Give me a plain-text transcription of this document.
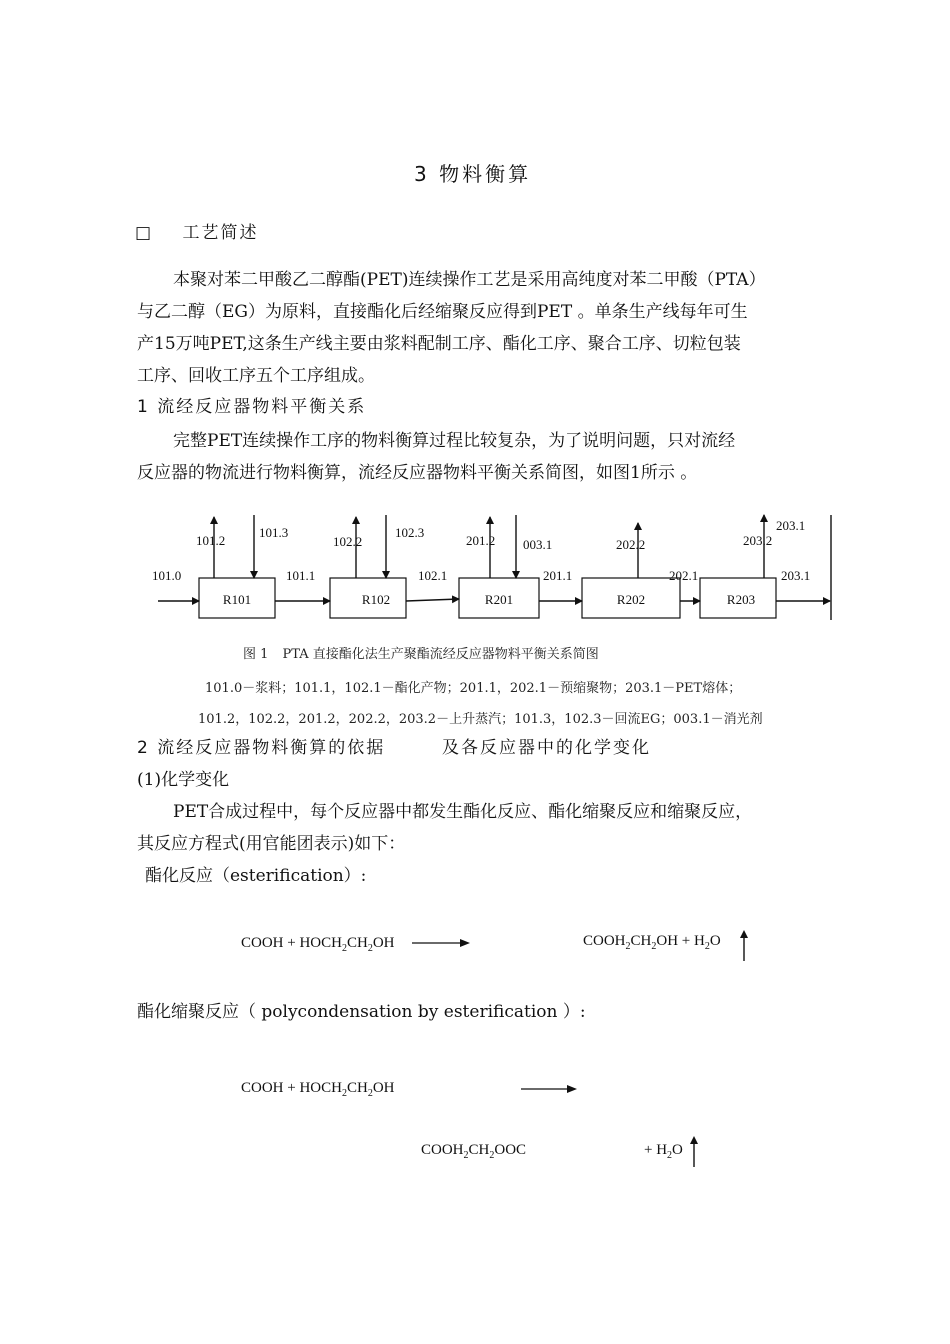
3 物料衡算
□ 工艺简述
本聚对苯二甲酸乙二醇酯(PET)连续操作工艺是采用高纯度对苯二甲酸（PTA）
与乙二醇（EG）为原料，直接酯化后经缩聚反应得到PET 。单条生产线每年可生
产15万吨PET,这条生产线主要由浆料配制工序、酯化工序、聚合工序、切粒包装
工序、回收工序五个工序组成。
1 流经反应器物料平衡关系
完整PET连续操作工序的物料衡算过程比较复杂，为了说明问题，只对流经
反应器的物流进行物料衡算，流经反应器物料平衡关系简图，如图1所示 。
R101	R102	R201	R202	R203
101.0	101.1	102.1	201.1	202.1	203.1
101.2	102.2	201.2	202.2	203.2
101.3	102.3
003.1
203.1
图 1 PTA 直接酯化法生产聚酯流经反应器物料平衡关系简图
101.0－浆料；101.1，102.1－酯化产物；201.1，202.1－预缩聚物；203.1－PET熔体；
101.2，102.2，201.2，202.2，203.2－上升蒸汽；101.3，102.3－回流EG；003.1－消光剂
2 流经反应器物料衡算的依据	及各反应器中的化学变化
(1)化学变化
PET合成过程中，每个反应器中都发生酯化反应、酯化缩聚反应和缩聚反应，
其反应方程式(用官能团表示)如下：
酯化反应（esterification）:
COOH + $HOCH_2CH_2OH$	$COOH_2CH_2OH + H_2O$
酯化缩聚反应（ polycondensation by esterification ）:
COOH + $HOCH_2CH_2OH$
$COOH_2CH_2OOC$	+ $H_2O$
